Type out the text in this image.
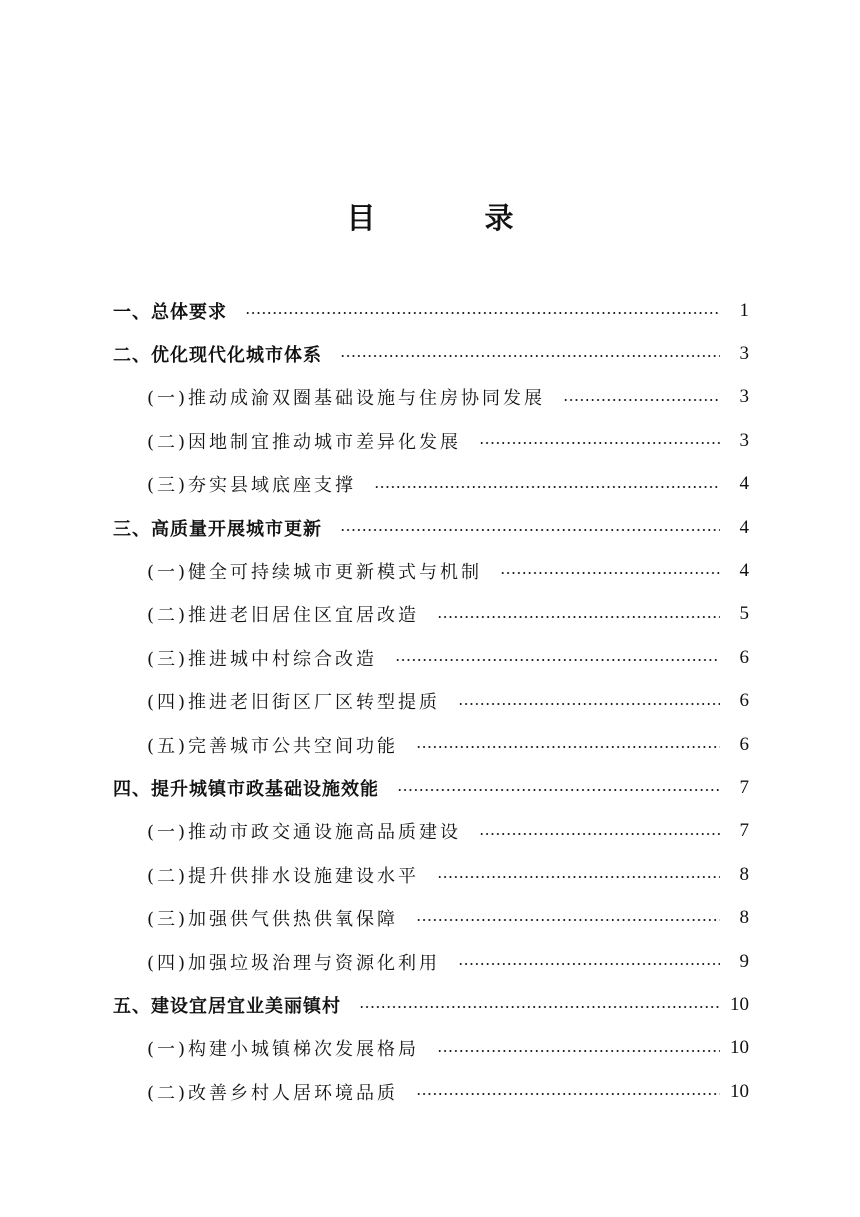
目　录
一、总体要求	1
二、优化现代化城市体系	3
(一)推动成渝双圈基础设施与住房协同发展	3
(二)因地制宜推动城市差异化发展	3
(三)夯实县域底座支撑	4
三、高质量开展城市更新	4
(一)健全可持续城市更新模式与机制	4
(二)推进老旧居住区宜居改造	5
(三)推进城中村综合改造	6
(四)推进老旧街区厂区转型提质	6
(五)完善城市公共空间功能	6
四、提升城镇市政基础设施效能	7
(一)推动市政交通设施高品质建设	7
(二)提升供排水设施建设水平	8
(三)加强供气供热供氧保障	8
(四)加强垃圾治理与资源化利用	9
五、建设宜居宜业美丽镇村	10
(一)构建小城镇梯次发展格局	10
(二)改善乡村人居环境品质	10
